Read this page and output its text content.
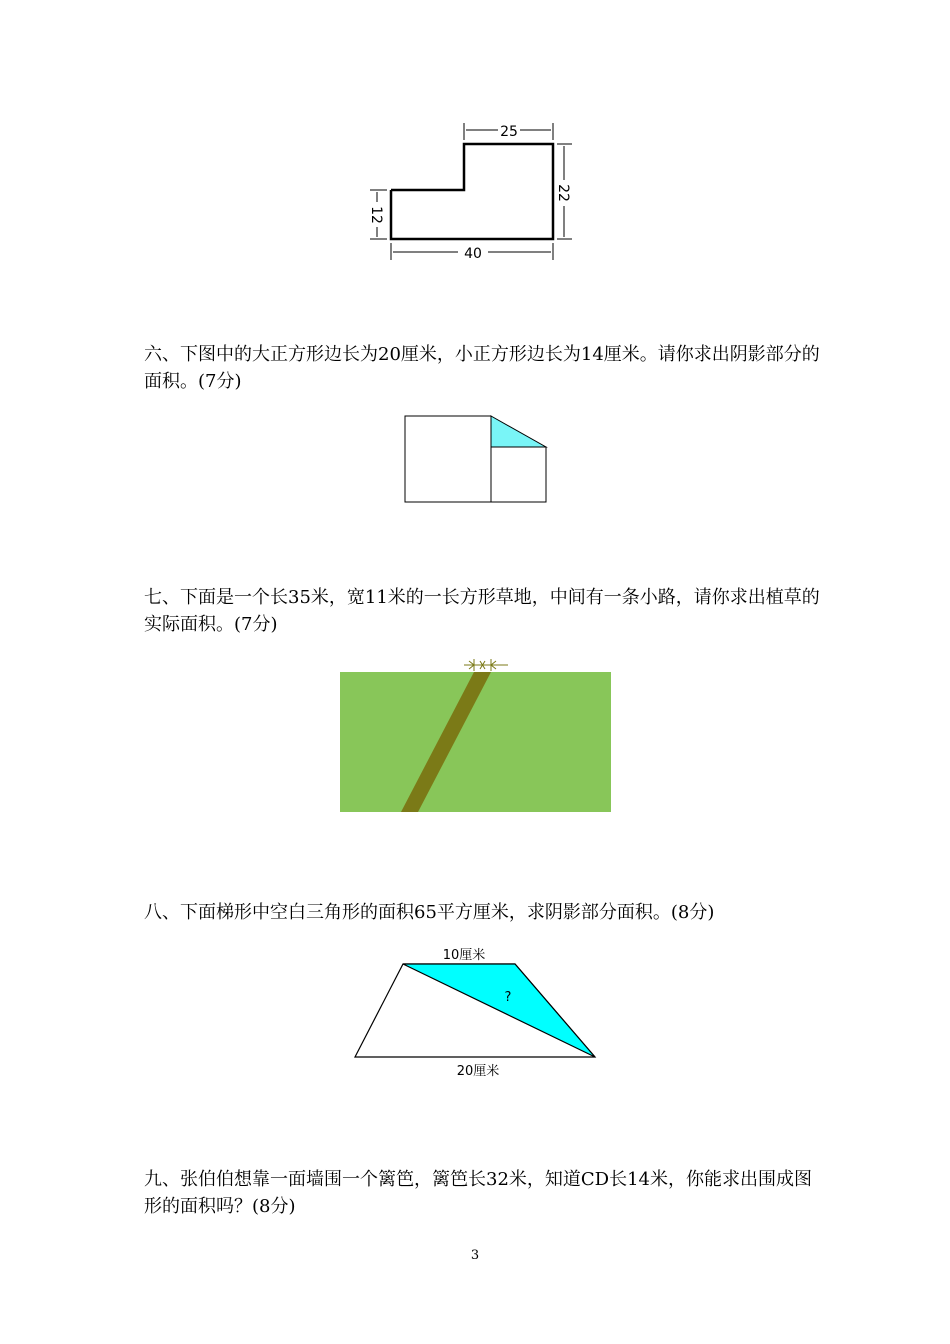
25
22
12
40
六、下图中的大正方形边长为20厘米，小正方形边长为14厘米。请你求出阴影部分的面积。(7分)
七、下面是一个长35米，宽11米的一长方形草地，中间有一条小路，请你求出植草的实际面积。(7分)
八、下面梯形中空白三角形的面积65平方厘米，求阴影部分面积。(8分)
10厘米
?
20厘米
九、张伯伯想靠一面墙围一个篱笆，篱笆长32米，知道CD长14米，你能求出围成图形的面积吗？(8分)
3
